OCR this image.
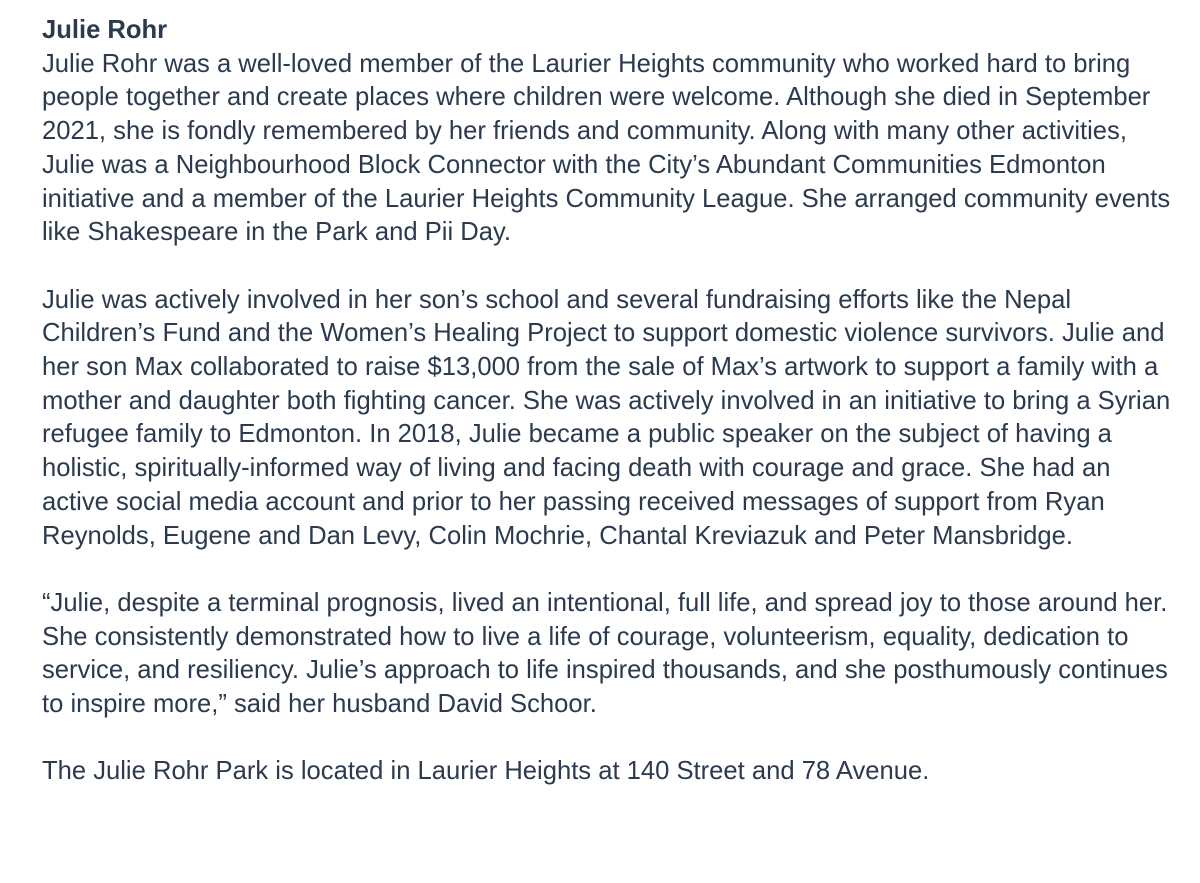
Julie Rohr

Julie Rohr was a well-loved member of the Laurier Heights community who worked hard to bring people together and create places where children were welcome. Although she died in September 2021, she is fondly remembered by her friends and community. Along with many other activities, Julie was a Neighbourhood Block Connector with the City’s Abundant Communities Edmonton initiative and a member of the Laurier Heights Community League. She arranged community events like Shakespeare in the Park and Pii Day.

Julie was actively involved in her son’s school and several fundraising efforts like the Nepal Children’s Fund and the Women’s Healing Project to support domestic violence survivors. Julie and her son Max collaborated to raise $13,000 from the sale of Max’s artwork to support a family with a mother and daughter both fighting cancer. She was actively involved in an initiative to bring a Syrian refugee family to Edmonton. In 2018, Julie became a public speaker on the subject of having a holistic, spiritually-informed way of living and facing death with courage and grace. She had an active social media account and prior to her passing received messages of support from Ryan Reynolds, Eugene and Dan Levy, Colin Mochrie, Chantal Kreviazuk and Peter Mansbridge.

“Julie, despite a terminal prognosis, lived an intentional, full life, and spread joy to those around her. She consistently demonstrated how to live a life of courage, volunteerism, equality, dedication to service, and resiliency. Julie’s approach to life inspired thousands, and she posthumously continues to inspire more,” said her husband David Schoor.

The Julie Rohr Park is located in Laurier Heights at 140 Street and 78 Avenue.
